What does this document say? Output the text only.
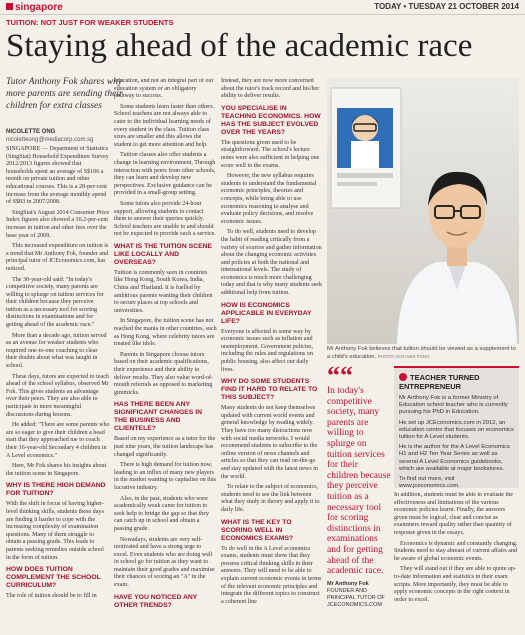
singapore	TODAY • TUESDAY 21 OCTOBER 2014
TUITION: NOT JUST FOR WEAKER STUDENTS
Staying ahead of the academic race
Tutor Anthony Fok shares why more parents are sending their children for extra classes
NICOLETTE ONG
nicoletteong@mediacorp.com.sg

SINGAPORE — Department of Statistics (SingStat) Household Expenditure Survey 2012/2013 figures showed that households spent an average of S$106 a month on private tuition and other educational courses. This is a 28-per-cent increase from the average monthly spend of S$83 in 2007/2008.

SingStat's August 2014 Consumer Price Index figures also showed a 10.2-per-cent increase in tuition and other fees over the base year of 2009.

This increased expenditure on tuition is a trend that Mr Anthony Fok, founder and principal tutor of JCEconomics.com, has noticed.

The 30-year-old said: "In today's competitive society, many parents are willing to splurge on tuition services for their children because they perceive tuition as a necessary tool for scoring distinctions in examinations and for getting ahead of the academic race."

More than a decade ago, tuition served as an avenue for weaker students who required one-to-one coaching to clear their doubts about what was taught in school.

These days, tutors are expected to teach ahead of the school syllabus, observed Mr Fok. This gives students an advantage over their peers. They are also able to participate in more meaningful discussions during lessons.

He added: "There are some parents who are so eager to give their children a head start that they approached me to coach their 16-year-old Secondary 4 children in A Level economics."

Here, Mr Fok shares his insights about the tuition scene in Singapore.

WHY IS THERE HIGH DEMAND FOR TUITION?

With the shift in focus of having higher-level thinking skills, students these days are finding it harder to cope with the increasing complexity of examination questions. Many of them struggle to obtain a passing grade. This leads to parents seeking remedies outside school in the form of tuition.

HOW DOES TUITION COMPLEMENT THE SCHOOL CURRICULUM?

The role of tuition should be to fill in

education, and not an integral part of our education system or an obligatory pathway to success.

Some students learn faster than others. School teachers are not always able to cater to the individual learning needs of every student in the class. Tuition class sizes are smaller and this allows the student to get more attention and help.

Tuition classes also offer students a change in learning environment. Through interaction with peers from other schools, they can learn and develop new perspectives. Exclusive guidance can be provided in a small-group setting.

Some tutors also provide 24-hour support, allowing students to contact them to answer their queries quickly. School teachers are unable to and should not be expected to provide such a service.

WHAT IS THE TUITION SCENE LIKE LOCALLY AND OVERSEAS?

Tuition is commonly seen in countries like Hong Kong, South Korea, India, China and Thailand. It is fuelled by ambitious parents wanting their children to secure places at top schools and universities.

In Singapore, the tuition scene has not reached the mania in other countries, such as Hong Kong, where celebrity tutors are treated like idols.

Parents in Singapore choose tutors based on their academic qualifications, their experience and their ability to deliver results. They also value word-of-mouth referrals as opposed to marketing gimmicks.

HAS THERE BEEN ANY SIGNIFICANT CHANGES IN THE BUSINESS AND CLIENTELE?

Based on my experience as a tutor for the past nine years, the tuition landscape has changed significantly.

There is high demand for tuition now, leading to an influx of many new players in the market wanting to capitalise on this lucrative industry.

Also, in the past, students who were academically weak came for tuition to seek help to bridge the gap so that they can catch up in school and obtain a passing grade.

Nowadays, students are very self-motivated and have a strong urge to excel. Even students who are doing well in school go for tuition as they want to maintain their good grades and maximise their chances of scoring an "A" in the exam.

HAVE YOU NOTICED ANY OTHER TRENDS?

Instead, they are now more concerned about the tutor's track record and his/her ability to deliver results.

YOU SPECIALISE IN TEACHING ECONOMICS. HOW HAS THE SUBJECT EVOLVED OVER THE YEARS?

The questions given used to be straightforward. The school's lecture notes were also sufficient in helping one score well in the exams.

However, the new syllabus requires students to understand the fundamental economic principles, theories and concepts, while being able to use economics reasoning to analyse and evaluate policy decisions, and resolve economic issues.

To do well, students need to develop the habit of reading critically from a variety of sources and gather information about the changing economic activities and policies at both the national and international levels. The study of economics is much more challenging today and that is why many students seek additional help from tuition.

HOW IS ECONOMICS APPLICABLE IN EVERYDAY LIFE?

Everyone is affected in some way by economic issues such as inflation and unemployment. Government policies, including the rules and regulations on public housing, also affect our daily lives.

WHY DO SOME STUDENTS FIND IT HARD TO RELATE TO THIS SUBJECT?

Many students do not keep themselves updated with current world events and general knowledge by reading widely. They have too many distractions now with social media networks. I would recommend students to subscribe to the online version of news channels and articles so that they can read on-the-go and stay updated with the latest news in the world.

To relate to the subject of economics, students need to see the link between what they study in theory and apply it to daily life.

WHAT IS THE KEY TO SCORING WELL IN ECONOMICS EXAMS?

To do well in the A Level economics exams, students must show that they possess critical thinking skills in their answers. They will need to be able to explain current economic events in terms of the relevant economic principles and integrate the different topics to construct a coherent line

Mr Anthony Fok believes that tuition should be viewed as a supplement to a child's education. PHOTO: KOH MUI FONG
““
In today's competitive society, many parents are willing to splurge on tuition services for their children because they perceive tuition as a necessary tool for scoring distinctions in examinations and for getting ahead of the academic race.
Mr Anthony Fok
FOUNDER AND PRINCIPAL TUTOR OF JCECONOMICS.COM
TEACHER TURNED ENTREPRENEUR

Mr Anthony Fok is a former Ministry of Education school teacher who is currently pursuing his PhD in Education.

He set up JCEconomics.com in 2012, an education centre that focuses on economics tuition for A Level students.

He is the author for the A Level Economics H1 and H2 Ten Year Series as well as several A Level Economics guidebooks, which are available at major bookstores.

To find out more, visit www.jceconomics.com.

In addition, students must be able to evaluate the effectiveness and limitations of the various economic policies learnt. Finally, the answers given must be logical, clear and concise as examiners reward quality rather than quantity of response given in the essays.

Economics is dynamic and constantly changing. Students need to stay abreast of current affairs and be aware of global economic events.

They will stand out if they are able to quote up-to-date information and statistics in their exam scripts. More importantly, they must be able to apply economic concepts in the right context in order to excel.
